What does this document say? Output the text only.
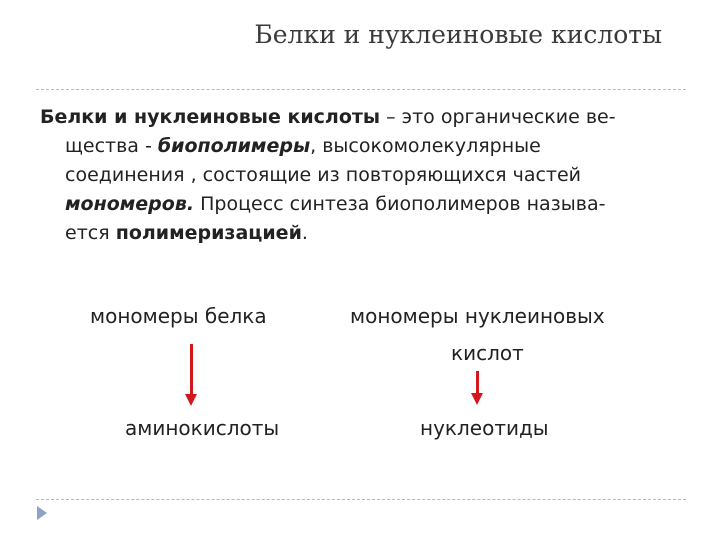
Белки и нуклеиновые кислоты
Белки и нуклеиновые кислоты – это органические ве-
щества - биополимеры, высокомолекулярные
соединения , состоящие из повторяющихся частей
мономеров. Процесс синтеза биополимеров называ-
ется полимеризацией.
мономеры белка
аминокислоты
мономеры нуклеиновых
кислот
нуклеотиды
